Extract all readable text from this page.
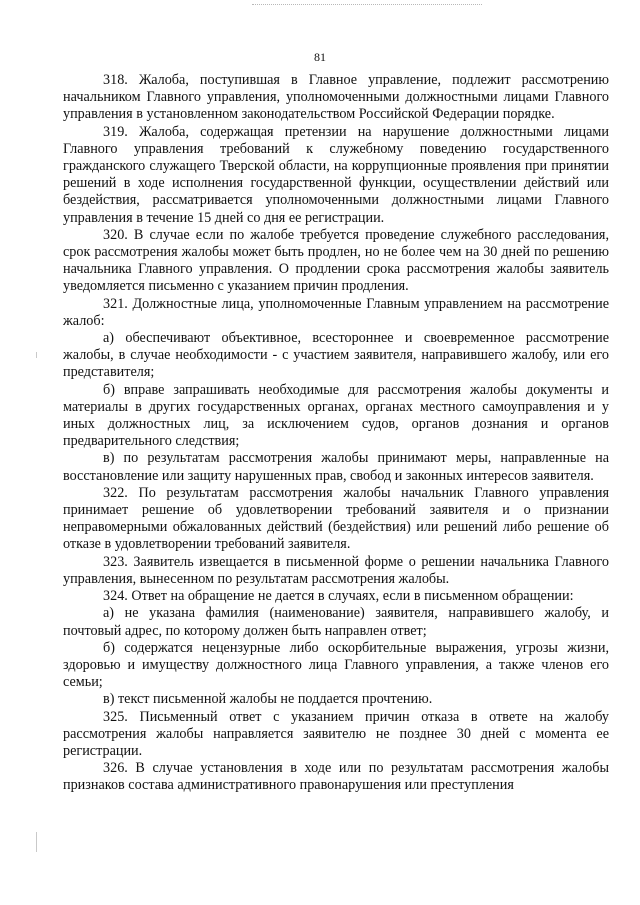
81

318. Жалоба, поступившая в Главное управление, подлежит рассмотрению начальником Главного управления, уполномоченными должностными лицами Главного управления в установленном законодательством Российской Федерации порядке.

319. Жалоба, содержащая претензии на нарушение должностными лицами Главного управления требований к служебному поведению государственного гражданского служащего Тверской области, на коррупционные проявления при принятии решений в ходе исполнения государственной функции, осуществлении действий или бездействия, рассматривается уполномоченными должностными лицами Главного управления в течение 15 дней со дня ее регистрации.

320. В случае если по жалобе требуется проведение служебного расследования, срок рассмотрения жалобы может быть продлен, но не более чем на 30 дней по решению начальника Главного управления. О продлении срока рассмотрения жалобы заявитель уведомляется письменно с указанием причин продления.

321. Должностные лица, уполномоченные Главным управлением на рассмотрение жалоб:

а) обеспечивают объективное, всестороннее и своевременное рассмотрение жалобы, в случае необходимости - с участием заявителя, направившего жалобу, или его представителя;

б) вправе запрашивать необходимые для рассмотрения жалобы документы и материалы в других государственных органах, органах местного самоуправления и у иных должностных лиц, за исключением судов, органов дознания и органов предварительного следствия;

в) по результатам рассмотрения жалобы принимают меры, направленные на восстановление или защиту нарушенных прав, свобод и законных интересов заявителя.

322. По результатам рассмотрения жалобы начальник Главного управления принимает решение об удовлетворении требований заявителя и о признании неправомерными обжалованных действий (бездействия) или решений либо решение об отказе в удовлетворении требований заявителя.

323. Заявитель извещается в письменной форме о решении начальника Главного управления, вынесенном по результатам рассмотрения жалобы.

324. Ответ на обращение не дается в случаях, если в письменном обращении:

а) не указана фамилия (наименование) заявителя, направившего жалобу, и почтовый адрес, по которому должен быть направлен ответ;

б) содержатся нецензурные либо оскорбительные выражения, угрозы жизни, здоровью и имуществу должностного лица Главного управления, а также членов его семьи;

в) текст письменной жалобы не поддается прочтению.

325. Письменный ответ с указанием причин отказа в ответе на жалобу рассмотрения жалобы направляется заявителю не позднее 30 дней с момента ее регистрации.

326. В случае установления в ходе или по результатам рассмотрения жалобы признаков состава административного правонарушения или преступления
